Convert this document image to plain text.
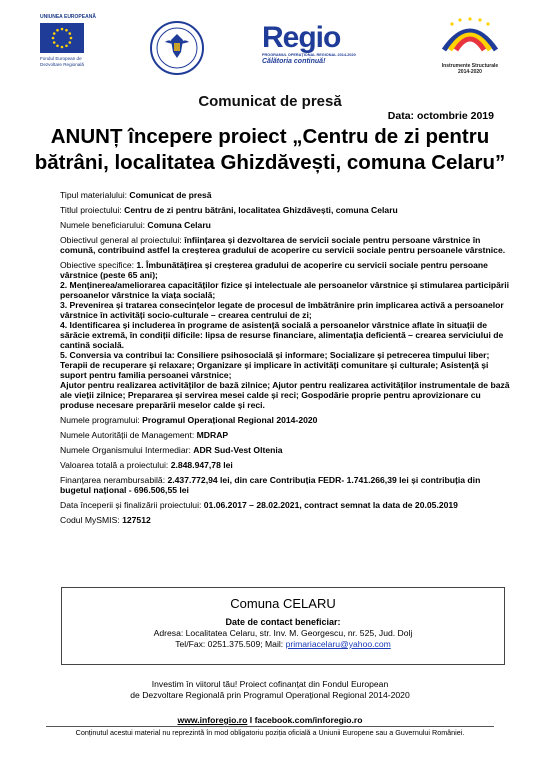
UNIUNEA EUROPEANĂ
Fondul European de
Dezvoltare Regională
Regio
PROGRAMUL OPERAȚIONAL REGIONAL 2014-2020
Călătoria continuă!
Instrumente Structurale
2014-2020
Comunicat de presă
Data: octombrie 2019
ANUNȚ începere proiect „Centru de zi pentru
bătrâni, localitatea Ghizdăvești, comuna Celaru”

Tipul materialului: Comunicat de presă

Titlul proiectului: Centru de zi pentru bătrâni, localitatea Ghizdăvești, comuna Celaru

Numele beneficiarului: Comuna Celaru

Obiectivul general al proiectului: înființarea și dezvoltarea de servicii sociale pentru persoane vârstnice în comună, contribuind astfel la creșterea gradului de acoperire cu servicii sociale pentru persoanele vârstnice.

Obiective specifice: 1. Îmbunătățirea și creșterea gradului de acoperire cu servicii sociale pentru persoane vârstnice (peste 65 ani);

2. Menținerea/ameliorarea capacităților fizice și intelectuale ale persoanelor vârstnice și stimularea participării persoanelor vârstnice la viața socială;

3. Prevenirea și tratarea consecințelor legate de procesul de îmbătrânire prin implicarea activă a persoanelor vârstnice în activități socio-culturale – crearea centrului de zi;

4. Identificarea și includerea în programe de asistență socială a persoanelor vârstnice aflate în situații de sărăcie extremă, în condiții dificile: lipsa de resurse financiare, alimentația deficientă – crearea serviciului de cantină socială.

5. Conversia va contribui la: Consiliere psihosocială și informare; Socializare și petrecerea timpului liber; Terapii de recuperare și relaxare; Organizare și implicare în activități comunitare și culturale; Asistență și suport pentru familia persoanei vârstnice;

Ajutor pentru realizarea activităților de bază zilnice; Ajutor pentru realizarea activităților instrumentale de bază ale vieții zilnice; Prepararea și servirea mesei calde și reci; Gospodărie proprie pentru aprovizionare cu produse necesare preparării meselor calde și reci.

Numele programului: Programul Operațional Regional 2014-2020

Numele Autorității de Management: MDRAP

Numele Organismului Intermediar: ADR Sud-Vest Oltenia

Valoarea totală a proiectului: 2.848.947,78 lei

Finanțarea nerambursabilă: 2.437.772,94 lei, din care Contribuția FEDR- 1.741.266,39 lei și contribuția din bugetul național - 696.506,55 lei

Data începerii și finalizării proiectului: 01.06.2017 – 28.02.2021, contract semnat la data de 20.05.2019

Codul MySMIS: 127512

Comuna CELARU
Date de contact beneficiar:
Adresa: Localitatea Celaru, str. Inv. M. Georgescu, nr. 525, Jud. Dolj
Tel/Fax: 0251.375.509; Mail: primariacelaru@yahoo.com
Investim în viitorul tău! Proiect cofinanțat din Fondul European
de Dezvoltare Regională prin Programul Operațional Regional 2014-2020
www.inforegio.ro I facebook.com/inforegio.ro
Conținutul acestui material nu reprezintă în mod obligatoriu poziția oficială a Uniunii Europene sau a Guvernului României.
